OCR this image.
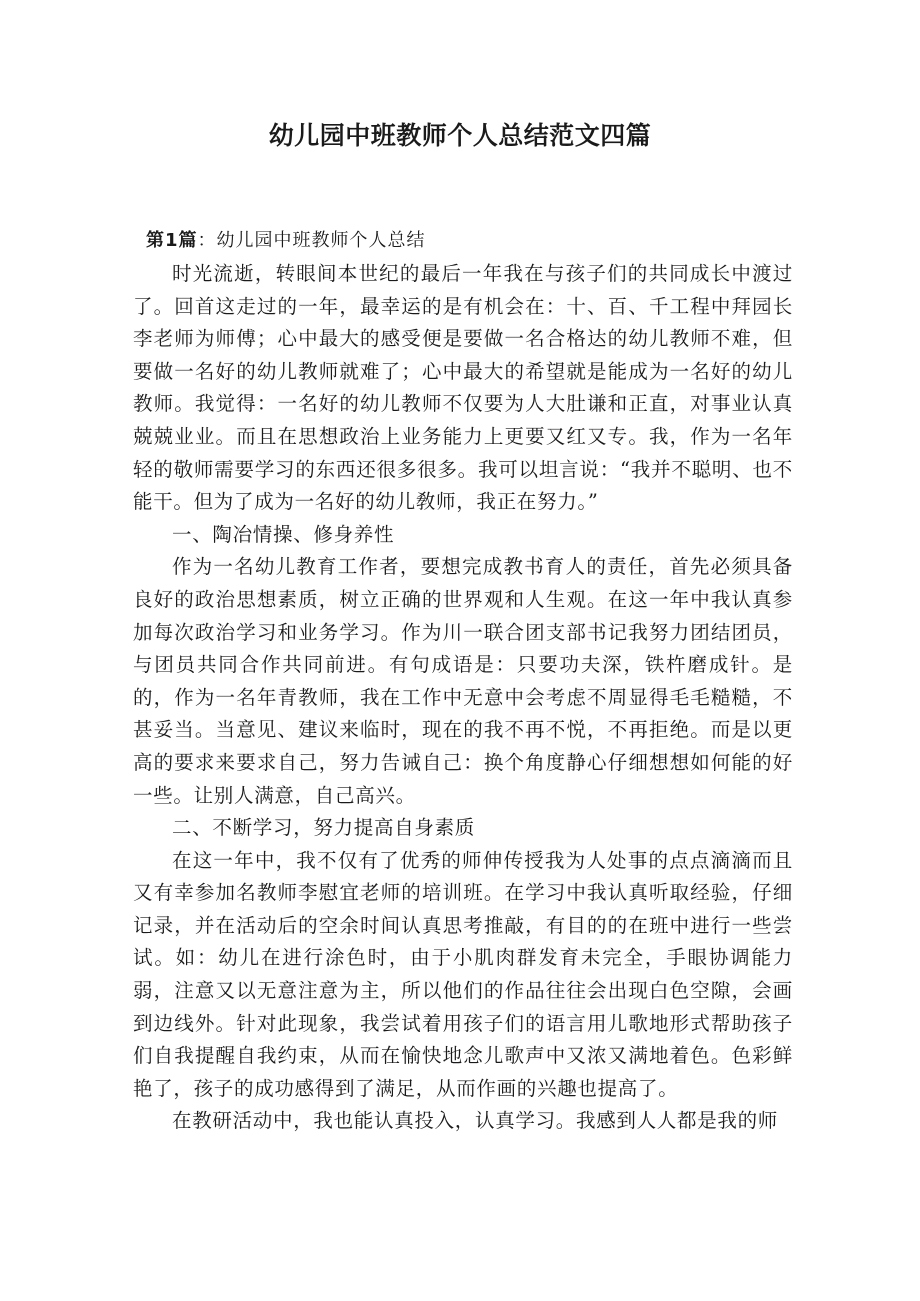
幼儿园中班教师个人总结范文四篇
第1篇：幼儿园中班教师个人总结

时光流逝，转眼间本世纪的最后一年我在与孩子们的共同成长中渡过了。回首这走过的一年，最幸运的是有机会在：十、百、千工程中拜园长李老师为师傅；心中最大的感受便是要做一名合格达的幼儿教师不难，但要做一名好的幼儿教师就难了；心中最大的希望就是能成为一名好的幼儿教师。我觉得：一名好的幼儿教师不仅要为人大肚谦和正直，对事业认真兢兢业业。而且在思想政治上业务能力上更要又红又专。我，作为一名年轻的敬师需要学习的东西还很多很多。我可以坦言说：“我并不聪明、也不能干。但为了成为一名好的幼儿敎师，我正在努力。”

一、陶冶情操、修身养性

作为一名幼儿教育工作者，要想完成教书育人的责任，首先必须具备良好的政治思想素质，树立正确的世界观和人生观。在这一年中我认真参加每次政治学习和业务学习。作为川一联合团支部书记我努力团结团员，与团员共同合作共同前进。有句成语是：只要功夫深，铁杵磨成针。是的，作为一名年青教师，我在工作中无意中会考虑不周显得毛毛糙糙，不甚妥当。当意见、建议来临时，现在的我不再不悦，不再拒绝。而是以更高的要求来要求自己，努力告诫自己：换个角度静心仔细想想如何能的好一些。让别人满意，自己高兴。

二、不断学习，努力提高自身素质

在这一年中，我不仅有了优秀的师伸传授我为人处事的点点滴滴而且又有幸参加名教师李慰宜老师的培训班。在学习中我认真听取经验，仔细记录，并在活动后的空余时间认真思考推敲，有目的的在班中进行一些尝试。如：幼儿在进行涂色时，由于小肌肉群发育未完全，手眼协调能力弱，注意又以无意注意为主，所以他们的作品往往会出现白色空隙，会画到边线外。针对此现象，我尝试着用孩子们的语言用儿歌地形式帮助孩子们自我提醒自我约束，从而在愉快地念儿歌声中又浓又满地着色。色彩鲜艳了，孩子的成功感得到了满足，从而作画的兴趣也提高了。

在教研活动中，我也能认真投入，认真学习。我感到人人都是我的师
